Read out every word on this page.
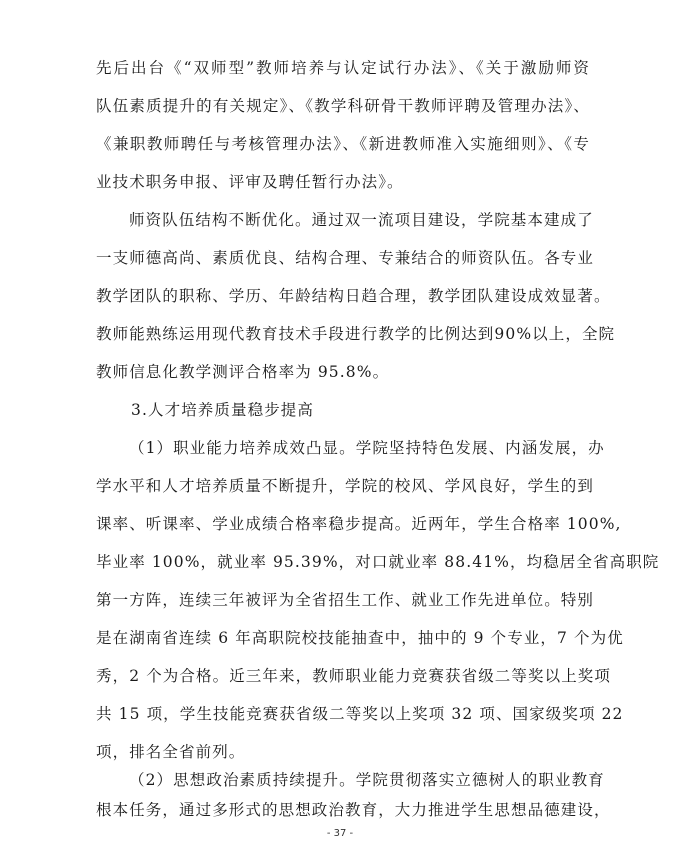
先后出台《“双师型”教师培养与认定试行办法》、《关于激励师资
队伍素质提升的有关规定》、《教学科研骨干教师评聘及管理办法》、
《兼职教师聘任与考核管理办法》、《新进教师准入实施细则》、《专
业技术职务申报、评审及聘任暂行办法》。
师资队伍结构不断优化。通过双一流项目建设，学院基本建成了
一支师德高尚、素质优良、结构合理、专兼结合的师资队伍。各专业
教学团队的职称、学历、年龄结构日趋合理，教学团队建设成效显著。
教师能熟练运用现代教育技术手段进行教学的比例达到90%以上，全院
教师信息化教学测评合格率为 95.8%。
3.人才培养质量稳步提高
（1）职业能力培养成效凸显。学院坚持特色发展、内涵发展，办
学水平和人才培养质量不断提升，学院的校风、学风良好，学生的到
课率、听课率、学业成绩合格率稳步提高。近两年，学生合格率 100%,
毕业率 100%，就业率 95.39%，对口就业率 88.41%，均稳居全省高职院
第一方阵，连续三年被评为全省招生工作、就业工作先进单位。特别
是在湖南省连续 6 年高职院校技能抽查中，抽中的 9 个专业，7 个为优
秀，2 个为合格。近三年来，教师职业能力竞赛获省级二等奖以上奖项
共 15 项，学生技能竞赛获省级二等奖以上奖项 32 项、国家级奖项 22
项，排名全省前列。
（2）思想政治素质持续提升。学院贯彻落实立德树人的职业教育
根本任务，通过多形式的思想政治教育，大力推进学生思想品德建设，
- 37 -
